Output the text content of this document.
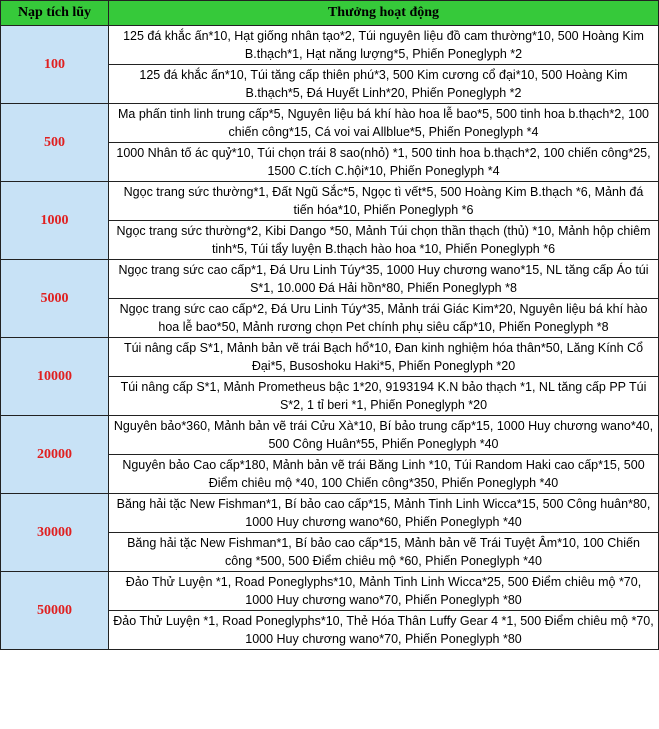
Nạp tích lũy	Thưởng hoạt động
100	125 đá khắc ấn*10, Hạt giống nhân tạo*2, Túi nguyên liệu đồ cam thường*10, 500 Hoàng Kim B.thạch*1, Hạt năng lượng*5, Phiến Poneglyph *2
	125 đá khắc ấn*10, Túi tăng cấp thiên phú*3, 500 Kim cương cổ đại*10, 500 Hoàng Kim B.thạch*5, Đá Huyết Linh*20, Phiến Poneglyph *2
500	Ma phấn tinh linh trung cấp*5, Nguyên liệu bá khí hào hoa lễ bao*5, 500 tinh hoa b.thạch*2, 100 chiến công*15, Cá voi vai Allblue*5, Phiến Poneglyph *4
	1000 Nhân tố ác quỷ*10, Túi chọn trái 8 sao(nhỏ) *1, 500 tinh hoa b.thạch*2, 100 chiến công*25, 1500 C.tích C.hội*10, Phiến Poneglyph *4
1000	Ngọc trang sức thường*1, Đất Ngũ Sắc*5, Ngọc tì vết*5, 500 Hoàng Kim B.thạch *6, Mảnh đá tiến hóa*10, Phiến Poneglyph *6
	Ngọc trang sức thường*2, Kibi Dango *50, Mảnh Túi chọn thần thạch (thủ) *10, Mảnh hộp chiêm tinh*5, Túi tẩy luyện B.thạch hào hoa *10, Phiến Poneglyph *6
5000	Ngọc trang sức cao cấp*1, Đá Uru Linh Túy*35, 1000 Huy chương wano*15, NL tăng cấp Áo túi S*1, 10.000 Đá Hải hồn*80, Phiến Poneglyph *8
	Ngọc trang sức cao cấp*2, Đá Uru Linh Túy*35, Mảnh trái Giác Kim*20, Nguyên liệu bá khí hào hoa lễ bao*50, Mảnh rương chọn Pet chính phụ siêu cấp*10, Phiến Poneglyph *8
10000	Túi nâng cấp S*1, Mảnh bản vẽ trái Bạch hổ*10, Đan kinh nghiệm hóa thân*50, Lăng Kính Cổ Đại*5, Busoshoku Haki*5, Phiến Poneglyph *20
	Túi nâng cấp S*1, Mảnh Prometheus bậc 1*20, 9193194 K.N bảo thạch *1, NL tăng cấp PP Túi S*2, 1 tỉ beri *1, Phiến Poneglyph *20
20000	Nguyên bảo*360, Mảnh bản vẽ trái Cửu Xà*10, Bí bảo trung cấp*15, 1000 Huy chương wano*40, 500 Công Huân*55, Phiến Poneglyph *40
	Nguyên bảo Cao cấp*180, Mảnh bản vẽ trái Băng Linh *10, Túi Random Haki cao cấp*15, 500 Điểm chiêu mộ *40, 100 Chiến công*350, Phiến Poneglyph *40
30000	Băng hải tặc New Fishman*1, Bí bảo cao cấp*15, Mảnh Tinh Linh Wicca*15, 500 Công huân*80, 1000 Huy chương wano*60, Phiến Poneglyph *40
	Băng hải tặc New Fishman*1, Bí bảo cao cấp*15, Mảnh bản vẽ Trái Tuyệt Âm*10, 100 Chiến công *500, 500 Điểm chiêu mộ *60, Phiến Poneglyph *40
50000	Đảo Thử Luyện *1, Road Poneglyphs*10, Mảnh Tinh Linh Wicca*25, 500 Điểm chiêu mộ *70, 1000 Huy chương wano*70, Phiến Poneglyph *80
	Đảo Thử Luyện *1, Road Poneglyphs*10, Thẻ Hóa Thân Luffy Gear 4 *1, 500 Điểm chiêu mộ *70, 1000 Huy chương wano*70, Phiến Poneglyph *80
